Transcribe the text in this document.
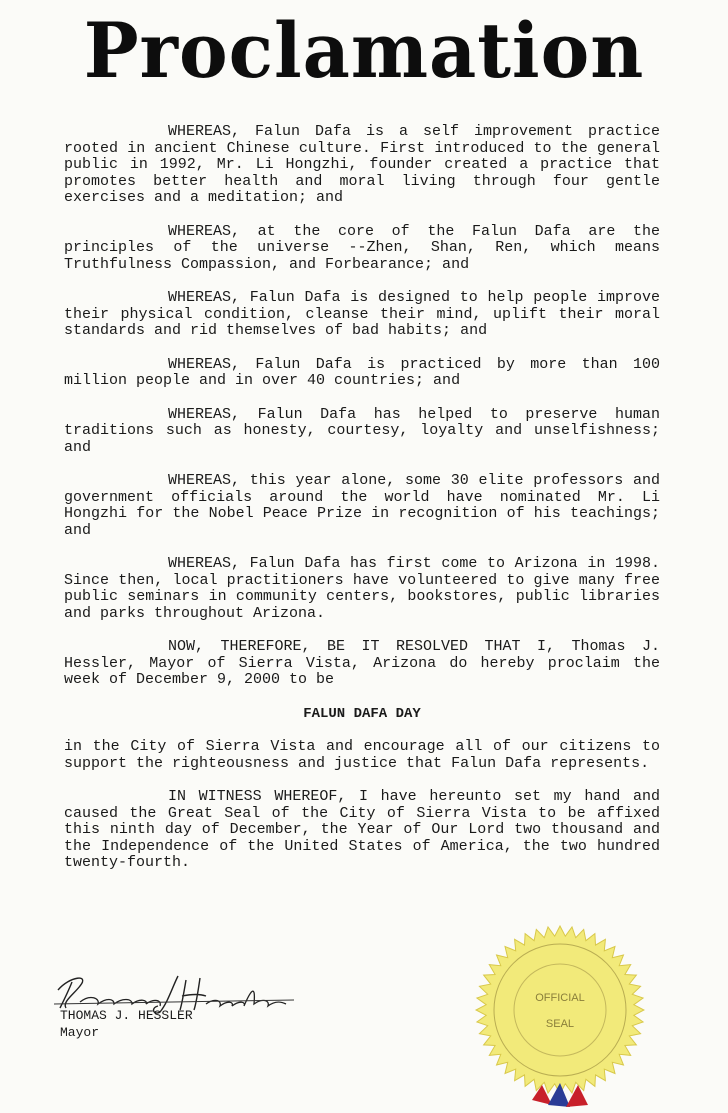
Proclamation

WHEREAS, Falun Dafa is a self improvement practice rooted in ancient Chinese culture. First introduced to the general public in 1992, Mr. Li Hongzhi, founder created a practice that promotes better health and moral living through four gentle exercises and a meditation; and

WHEREAS, at the core of the Falun Dafa are the principles of the universe --Zhen, Shan, Ren, which means Truthfulness Compassion, and Forbearance; and

WHEREAS, Falun Dafa is designed to help people improve their physical condition, cleanse their mind, uplift their moral standards and rid themselves of bad habits; and

WHEREAS, Falun Dafa is practiced by more than 100 million people and in over 40 countries; and

WHEREAS, Falun Dafa has helped to preserve human traditions such as honesty, courtesy, loyalty and unselfishness; and

WHEREAS, this year alone, some 30 elite professors and government officials around the world have nominated Mr. Li Hongzhi for the Nobel Peace Prize in recognition of his teachings; and

WHEREAS, Falun Dafa has first come to Arizona in 1998. Since then, local practitioners have volunteered to give many free public seminars in community centers, bookstores, public libraries and parks throughout Arizona.

NOW, THEREFORE, BE IT RESOLVED THAT I, Thomas J. Hessler, Mayor of Sierra Vista, Arizona do hereby proclaim the week of December 9, 2000 to be

FALUN DAFA DAY

in the City of Sierra Vista and encourage all of our citizens to support the righteousness and justice that Falun Dafa represents.

IN WITNESS WHEREOF, I have hereunto set my hand and caused the Great Seal of the City of Sierra Vista to be affixed this ninth day of December, the Year of Our Lord two thousand and the Independence of the United States of America, the two hundred twenty-fourth.

THOMAS J. HESSLER
Mayor
OFFICIAL
SEAL
